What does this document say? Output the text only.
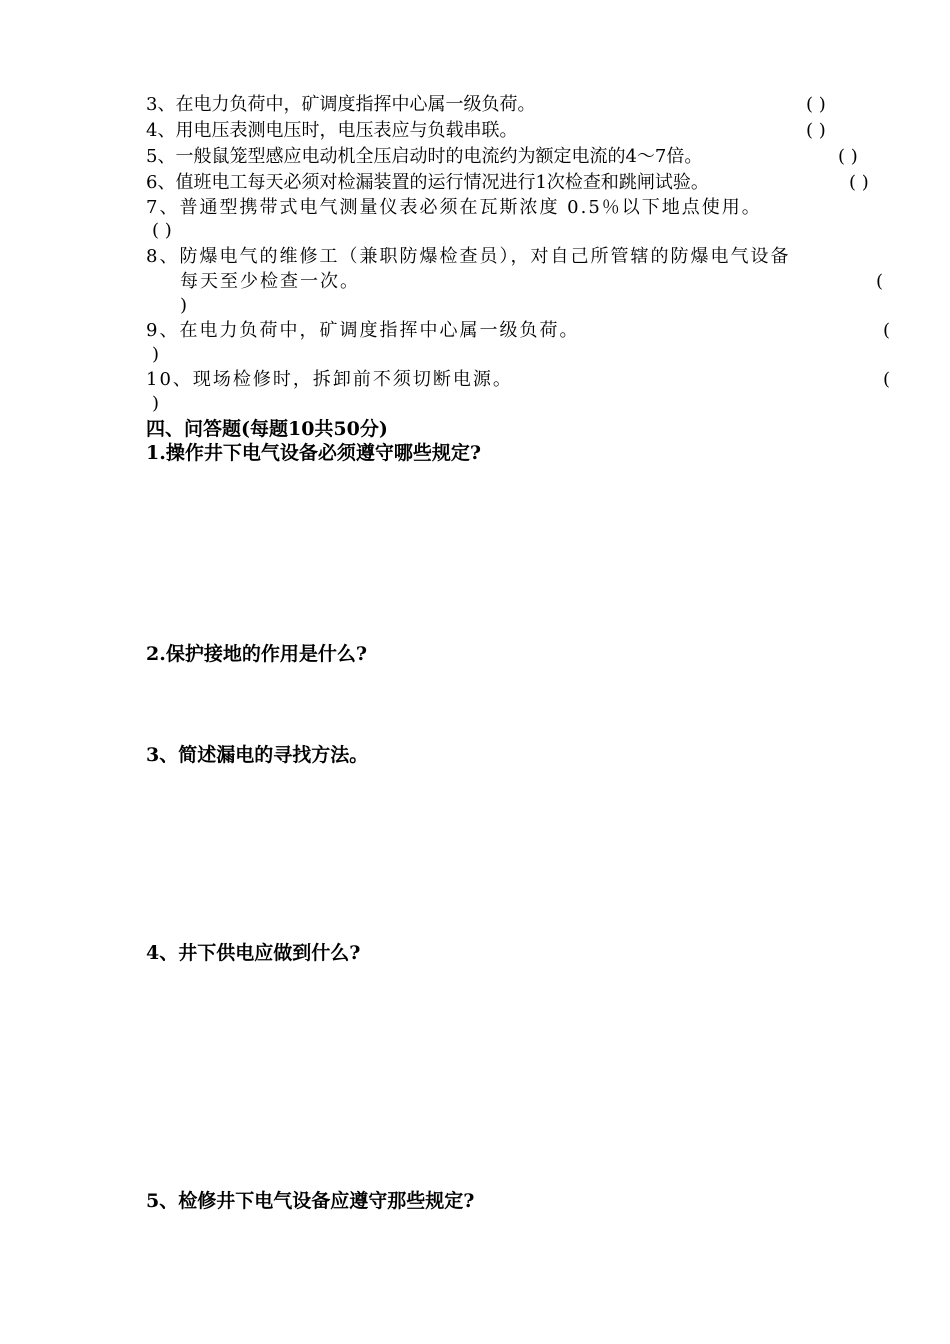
3、在电力负荷中，矿调度指挥中心属一级负荷。	( )
4、用电压表测电压时，电压表应与负载串联。	( )
5、一般鼠笼型感应电动机全压启动时的电流约为额定电流的4～7倍。	( )
6、值班电工每天必须对检漏装置的运行情况进行1次检查和跳闸试验。	( )
7、普通型携带式电气测量仪表必须在瓦斯浓度 0.5％以下地点使用。
( )
8、防爆电气的维修工（兼职防爆检查员），对自己所管辖的防爆电气设备
每天至少检查一次。	(
)
9、在电力负荷中，矿调度指挥中心属一级负荷。	(
)
10、现场检修时，拆卸前不须切断电源。	(
)
四、问答题(每题10共50分)
1.操作井下电气设备必须遵守哪些规定?
2.保护接地的作用是什么?
3、简述漏电的寻找方法。
4、井下供电应做到什么?
5、检修井下电气设备应遵守那些规定?
